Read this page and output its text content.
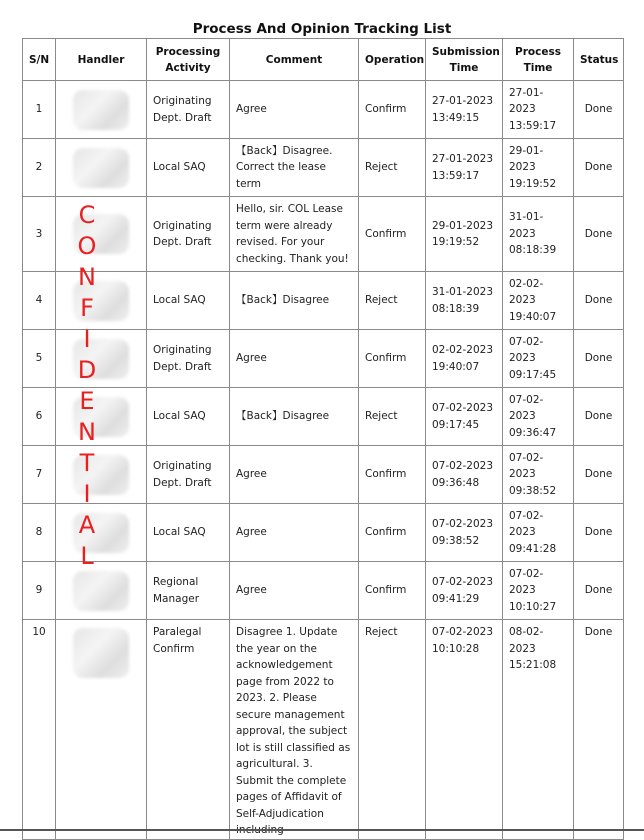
Process And Opinion Tracking List
S/N	Handler	Processing Activity	Comment	Operation	Submission Time	Process Time	Status
1		Originating Dept. Draft	Agree	Confirm	27-01-2023 13:49:15	27-01-2023 13:59:17	Done
2		Local SAQ	【Back】Disagree. Correct the lease term	Reject	27-01-2023 13:59:17	29-01-2023 19:19:52	Done
3		Originating Dept. Draft	Hello, sir. COL Lease term were already revised. For your checking. Thank you!	Confirm	29-01-2023 19:19:52	31-01-2023 08:18:39	Done
4		Local SAQ	【Back】Disagree	Reject	31-01-2023 08:18:39	02-02-2023 19:40:07	Done
5		Originating Dept. Draft	Agree	Confirm	02-02-2023 19:40:07	07-02-2023 09:17:45	Done
6		Local SAQ	【Back】Disagree	Reject	07-02-2023 09:17:45	07-02-2023 09:36:47	Done
7		Originating Dept. Draft	Agree	Confirm	07-02-2023 09:36:48	07-02-2023 09:38:52	Done
8		Local SAQ	Agree	Confirm	07-02-2023 09:38:52	07-02-2023 09:41:28	Done
9		Regional Manager	Agree	Confirm	07-02-2023 09:41:29	07-02-2023 10:10:27	Done
10		Paralegal Confirm	Disagree 1. Update the year on the acknowledgement page from 2022 to 2023. 2. Please secure management approval, the subject lot is still classified as agricultural. 3. Submit the complete pages of Affidavit of Self-Adjudication	Reject	07-02-2023 10:10:28	08-02-2023 15:21:08	Done
C
O
N
F
I
D
E
N
T
I
A
L
